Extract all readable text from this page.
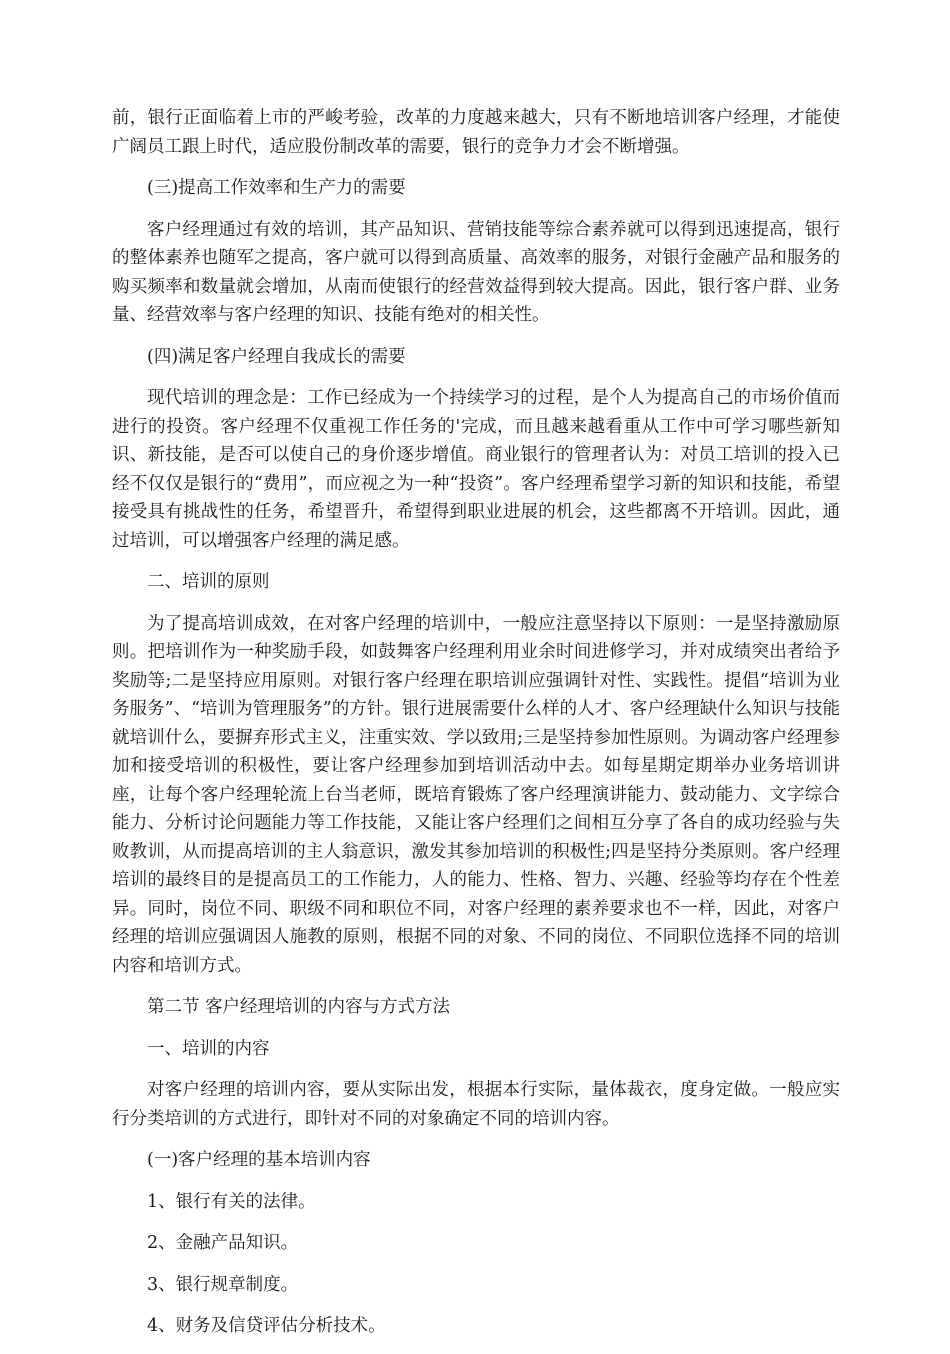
前，银行正面临着上市的严峻考验，改革的力度越来越大，只有不断地培训客户经理，才能使广阔员工跟上时代，适应股份制改革的需要，银行的竞争力才会不断增强。

(三)提高工作效率和生产力的需要

客户经理通过有效的培训，其产品知识、营销技能等综合素养就可以得到迅速提高，银行的整体素养也随军之提高，客户就可以得到高质量、高效率的服务，对银行金融产品和服务的购买频率和数量就会增加，从南而使银行的经营效益得到较大提高。因此，银行客户群、业务量、经营效率与客户经理的知识、技能有绝对的相关性。

(四)满足客户经理自我成长的需要

现代培训的理念是：工作已经成为一个持续学习的过程，是个人为提高自己的市场价值而进行的投资。客户经理不仅重视工作任务的'完成，而且越来越看重从工作中可学习哪些新知识、新技能，是否可以使自己的身价逐步增值。商业银行的管理者认为：对员工培训的投入已经不仅仅是银行的“费用”，而应视之为一种“投资”。客户经理希望学习新的知识和技能，希望接受具有挑战性的任务，希望晋升，希望得到职业进展的机会，这些都离不开培训。因此，通过培训，可以增强客户经理的满足感。

二、培训的原则

为了提高培训成效，在对客户经理的培训中，一般应注意坚持以下原则：一是坚持激励原则。把培训作为一种奖励手段，如鼓舞客户经理利用业余时间进修学习，并对成绩突出者给予奖励等;二是坚持应用原则。对银行客户经理在职培训应强调针对性、实践性。提倡“培训为业务服务”、“培训为管理服务”的方针。银行进展需要什么样的人才、客户经理缺什么知识与技能就培训什么，要摒弃形式主义，注重实效、学以致用;三是坚持参加性原则。为调动客户经理参加和接受培训的积极性，要让客户经理参加到培训活动中去。如每星期定期举办业务培训讲座，让每个客户经理轮流上台当老师，既培育锻炼了客户经理演讲能力、鼓动能力、文字综合能力、分析讨论问题能力等工作技能，又能让客户经理们之间相互分享了各自的成功经验与失败教训，从而提高培训的主人翁意识，激发其参加培训的积极性;四是坚持分类原则。客户经理培训的最终目的是提高员工的工作能力，人的能力、性格、智力、兴趣、经验等均存在个性差异。同时，岗位不同、职级不同和职位不同，对客户经理的素养要求也不一样，因此，对客户经理的培训应强调因人施教的原则，根据不同的对象、不同的岗位、不同职位选择不同的培训内容和培训方式。

第二节 客户经理培训的内容与方式方法

一、培训的内容

对客户经理的培训内容，要从实际出发，根据本行实际，量体裁衣，度身定做。一般应实行分类培训的方式进行，即针对不同的对象确定不同的培训内容。

(一)客户经理的基本培训内容

1、银行有关的法律。

2、金融产品知识。

3、银行规章制度。

4、财务及信贷评估分析技术。
